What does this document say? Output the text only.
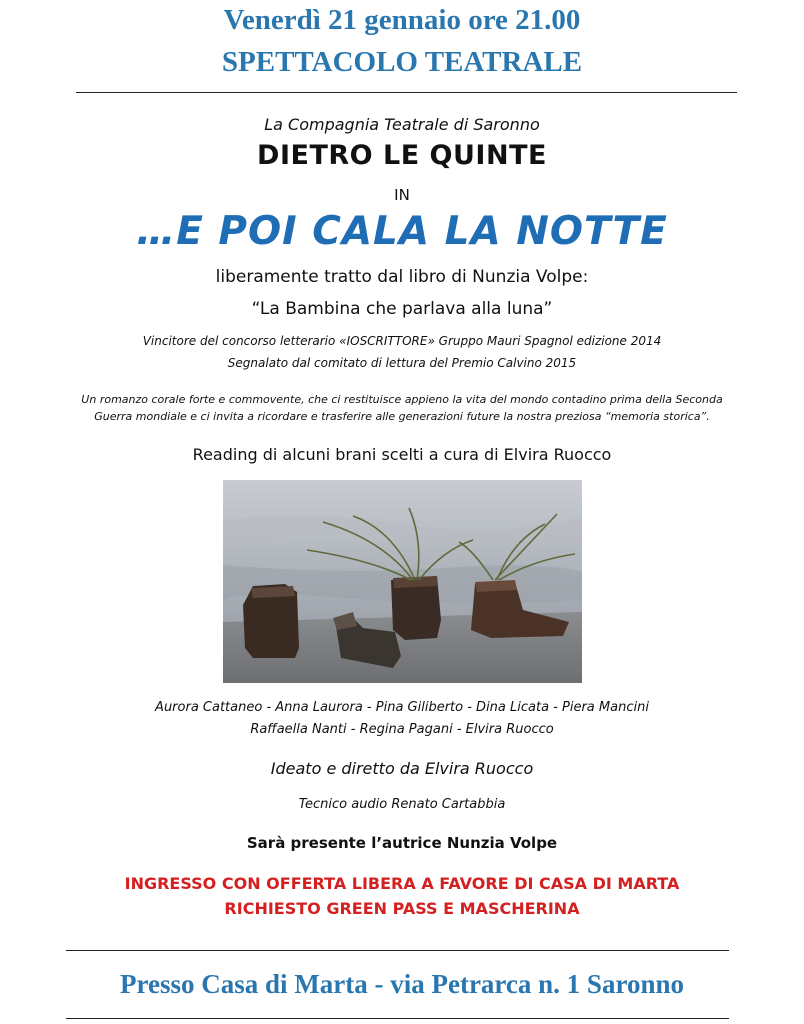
Venerdì 21 gennaio ore 21.00
SPETTACOLO TEATRALE
La Compagnia Teatrale di Saronno
DIETRO LE QUINTE
IN
…E POI CALA LA NOTTE
liberamente tratto dal libro di Nunzia Volpe:
“La Bambina che parlava alla luna”
Vincitore del concorso letterario «IOSCRITTORE» Gruppo Mauri Spagnol edizione 2014
Segnalato dal comitato di lettura del Premio Calvino 2015
Un romanzo corale forte e commovente, che ci restituisce appieno la vita del mondo contadino prima della Seconda
Guerra mondiale e ci invita a ricordare e trasferire alle generazioni future la nostra preziosa “memoria storica”.
Reading di alcuni brani scelti a cura di Elvira Ruocco
Aurora Cattaneo - Anna Laurora - Pina Giliberto - Dina Licata - Piera Mancini
Raffaella Nanti - Regina Pagani - Elvira Ruocco
Ideato e diretto da Elvira Ruocco
Tecnico audio Renato Cartabbia
Sarà presente l’autrice Nunzia Volpe
INGRESSO CON OFFERTA LIBERA A FAVORE DI CASA DI MARTA
RICHIESTO GREEN PASS E MASCHERINA
Presso Casa di Marta - via Petrarca n. 1 Saronno
